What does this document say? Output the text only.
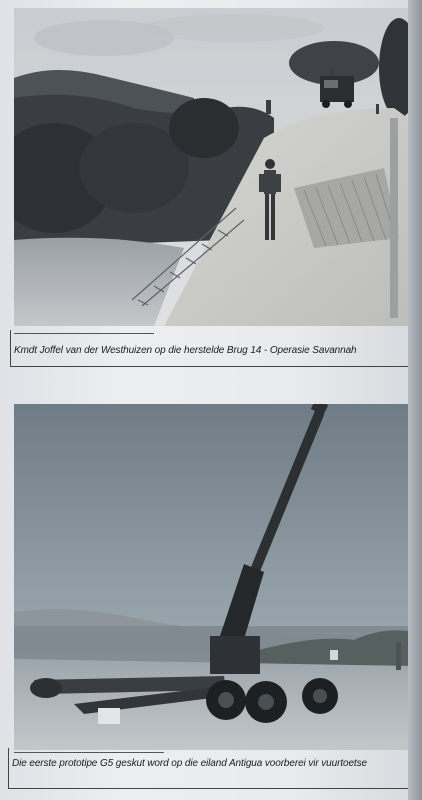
Kmdt Joffel van der Westhuizen op die herstelde Brug 14 - Operasie Savannah
Die eerste prototipe G5 geskut word op die eiland Antigua voorberei vir vuurtoetse
